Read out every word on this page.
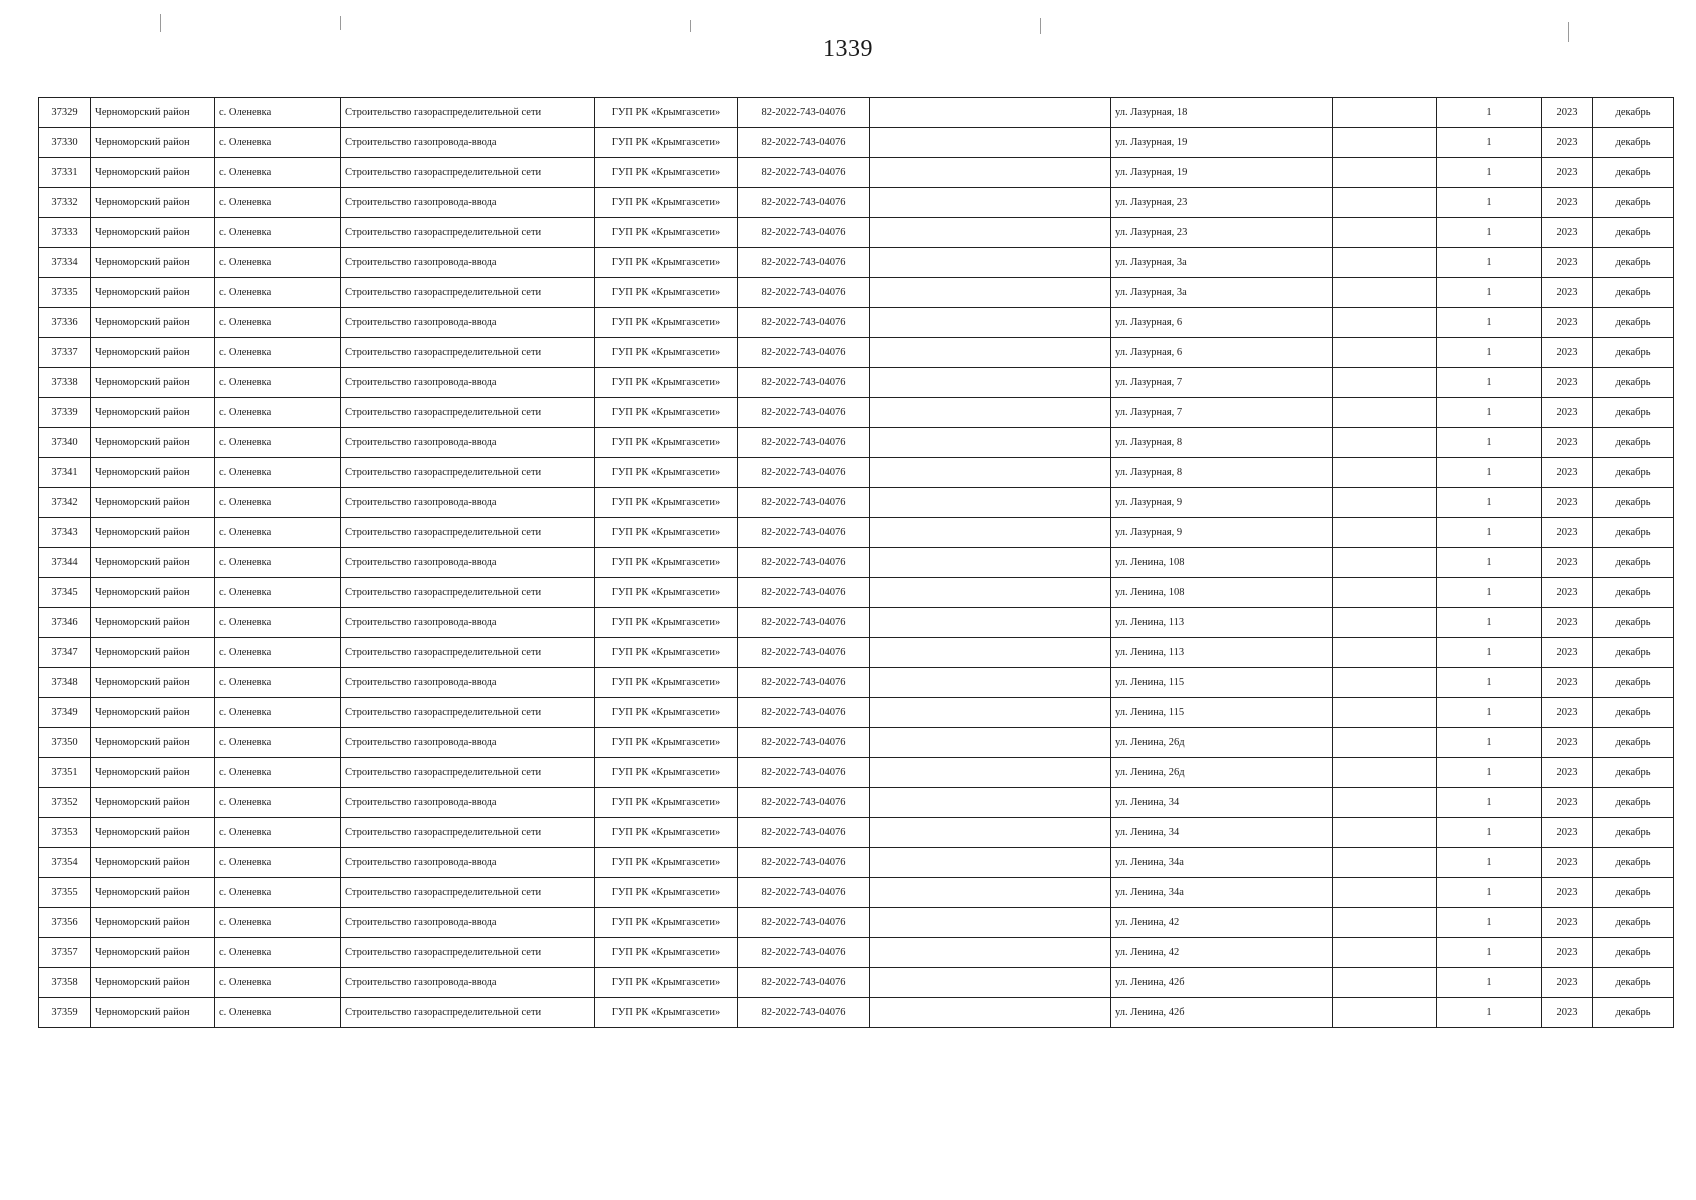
1339
37329	Черноморский район	с. Оленевка	Строительство газораспределительной сети	ГУП РК «Крымгазсети»	82-2022-743-04076		ул. Лазурная, 18		1	2023	декабрь
37330	Черноморский район	с. Оленевка	Строительство газопровода-ввода	ГУП РК «Крымгазсети»	82-2022-743-04076		ул. Лазурная, 19		1	2023	декабрь
37331	Черноморский район	с. Оленевка	Строительство газораспределительной сети	ГУП РК «Крымгазсети»	82-2022-743-04076		ул. Лазурная, 19		1	2023	декабрь
37332	Черноморский район	с. Оленевка	Строительство газопровода-ввода	ГУП РК «Крымгазсети»	82-2022-743-04076		ул. Лазурная, 23		1	2023	декабрь
37333	Черноморский район	с. Оленевка	Строительство газораспределительной сети	ГУП РК «Крымгазсети»	82-2022-743-04076		ул. Лазурная, 23		1	2023	декабрь
37334	Черноморский район	с. Оленевка	Строительство газопровода-ввода	ГУП РК «Крымгазсети»	82-2022-743-04076		ул. Лазурная, 3а		1	2023	декабрь
37335	Черноморский район	с. Оленевка	Строительство газораспределительной сети	ГУП РК «Крымгазсети»	82-2022-743-04076		ул. Лазурная, 3а		1	2023	декабрь
37336	Черноморский район	с. Оленевка	Строительство газопровода-ввода	ГУП РК «Крымгазсети»	82-2022-743-04076		ул. Лазурная, 6		1	2023	декабрь
37337	Черноморский район	с. Оленевка	Строительство газораспределительной сети	ГУП РК «Крымгазсети»	82-2022-743-04076		ул. Лазурная, 6		1	2023	декабрь
37338	Черноморский район	с. Оленевка	Строительство газопровода-ввода	ГУП РК «Крымгазсети»	82-2022-743-04076		ул. Лазурная, 7		1	2023	декабрь
37339	Черноморский район	с. Оленевка	Строительство газораспределительной сети	ГУП РК «Крымгазсети»	82-2022-743-04076		ул. Лазурная, 7		1	2023	декабрь
37340	Черноморский район	с. Оленевка	Строительство газопровода-ввода	ГУП РК «Крымгазсети»	82-2022-743-04076		ул. Лазурная, 8		1	2023	декабрь
37341	Черноморский район	с. Оленевка	Строительство газораспределительной сети	ГУП РК «Крымгазсети»	82-2022-743-04076		ул. Лазурная, 8		1	2023	декабрь
37342	Черноморский район	с. Оленевка	Строительство газопровода-ввода	ГУП РК «Крымгазсети»	82-2022-743-04076		ул. Лазурная, 9		1	2023	декабрь
37343	Черноморский район	с. Оленевка	Строительство газораспределительной сети	ГУП РК «Крымгазсети»	82-2022-743-04076		ул. Лазурная, 9		1	2023	декабрь
37344	Черноморский район	с. Оленевка	Строительство газопровода-ввода	ГУП РК «Крымгазсети»	82-2022-743-04076		ул. Ленина, 108		1	2023	декабрь
37345	Черноморский район	с. Оленевка	Строительство газораспределительной сети	ГУП РК «Крымгазсети»	82-2022-743-04076		ул. Ленина, 108		1	2023	декабрь
37346	Черноморский район	с. Оленевка	Строительство газопровода-ввода	ГУП РК «Крымгазсети»	82-2022-743-04076		ул. Ленина, 113		1	2023	декабрь
37347	Черноморский район	с. Оленевка	Строительство газораспределительной сети	ГУП РК «Крымгазсети»	82-2022-743-04076		ул. Ленина, 113		1	2023	декабрь
37348	Черноморский район	с. Оленевка	Строительство газопровода-ввода	ГУП РК «Крымгазсети»	82-2022-743-04076		ул. Ленина, 115		1	2023	декабрь
37349	Черноморский район	с. Оленевка	Строительство газораспределительной сети	ГУП РК «Крымгазсети»	82-2022-743-04076		ул. Ленина, 115		1	2023	декабрь
37350	Черноморский район	с. Оленевка	Строительство газопровода-ввода	ГУП РК «Крымгазсети»	82-2022-743-04076		ул. Ленина, 26д		1	2023	декабрь
37351	Черноморский район	с. Оленевка	Строительство газораспределительной сети	ГУП РК «Крымгазсети»	82-2022-743-04076		ул. Ленина, 26д		1	2023	декабрь
37352	Черноморский район	с. Оленевка	Строительство газопровода-ввода	ГУП РК «Крымгазсети»	82-2022-743-04076		ул. Ленина, 34		1	2023	декабрь
37353	Черноморский район	с. Оленевка	Строительство газораспределительной сети	ГУП РК «Крымгазсети»	82-2022-743-04076		ул. Ленина, 34		1	2023	декабрь
37354	Черноморский район	с. Оленевка	Строительство газопровода-ввода	ГУП РК «Крымгазсети»	82-2022-743-04076		ул. Ленина, 34а		1	2023	декабрь
37355	Черноморский район	с. Оленевка	Строительство газораспределительной сети	ГУП РК «Крымгазсети»	82-2022-743-04076		ул. Ленина, 34а		1	2023	декабрь
37356	Черноморский район	с. Оленевка	Строительство газопровода-ввода	ГУП РК «Крымгазсети»	82-2022-743-04076		ул. Ленина, 42		1	2023	декабрь
37357	Черноморский район	с. Оленевка	Строительство газораспределительной сети	ГУП РК «Крымгазсети»	82-2022-743-04076		ул. Ленина, 42		1	2023	декабрь
37358	Черноморский район	с. Оленевка	Строительство газопровода-ввода	ГУП РК «Крымгазсети»	82-2022-743-04076		ул. Ленина, 42б		1	2023	декабрь
37359	Черноморский район	с. Оленевка	Строительство газораспределительной сети	ГУП РК «Крымгазсети»	82-2022-743-04076		ул. Ленина, 42б		1	2023	декабрь
